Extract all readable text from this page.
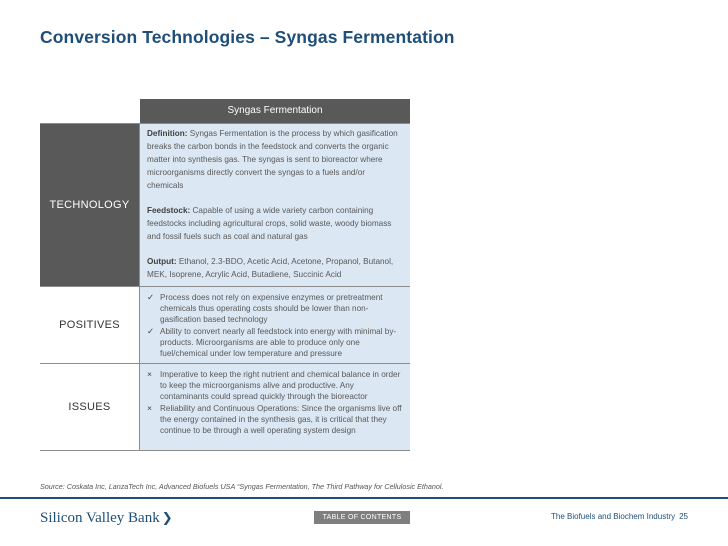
Conversion Technologies – Syngas Fermentation
Syngas Fermentation
TECHNOLOGY

Definition: Syngas Fermentation is the process by which gasification breaks the carbon bonds in the feedstock and converts the organic matter into synthesis gas. The syngas is sent to bioreactor where microorganisms directly convert the syngas to a fuels and/or chemicals

Feedstock: Capable of using a wide variety carbon containing feedstocks including agricultural crops, solid waste, woody biomass and fossil fuels such as coal and natural gas

Output: Ethanol, 2.3-BDO, Acetic Acid, Acetone, Propanol, Butanol, MEK, Isoprene, Acrylic Acid, Butadiene, Succinic Acid

POSITIVES
✓ Process does not rely on expensive enzymes or pretreatment chemicals thus operating costs should be lower than non-gasification based technology
✓ Ability to convert nearly all feedstock into energy with minimal by-products. Microorganisms are able to produce only one fuel/chemical under low temperature and pressure
ISSUES
× Imperative to keep the right nutrient and chemical balance in order to keep the microorganisms alive and productive. Any contaminants could spread quickly through the bioreactor
× Reliability and Continuous Operations: Since the organisms live off the energy contained in the synthesis gas, it is critical that they continue to be through a well operating system design
Source: Coskata Inc, LanzaTech Inc, Advanced Biofuels USA “Syngas Fermentation, The Third Pathway for Cellulosic Ethanol.
Silicon Valley Bank ❯	TABLE OF CONTENTS	The Biofuels and Biochem Industry 25
